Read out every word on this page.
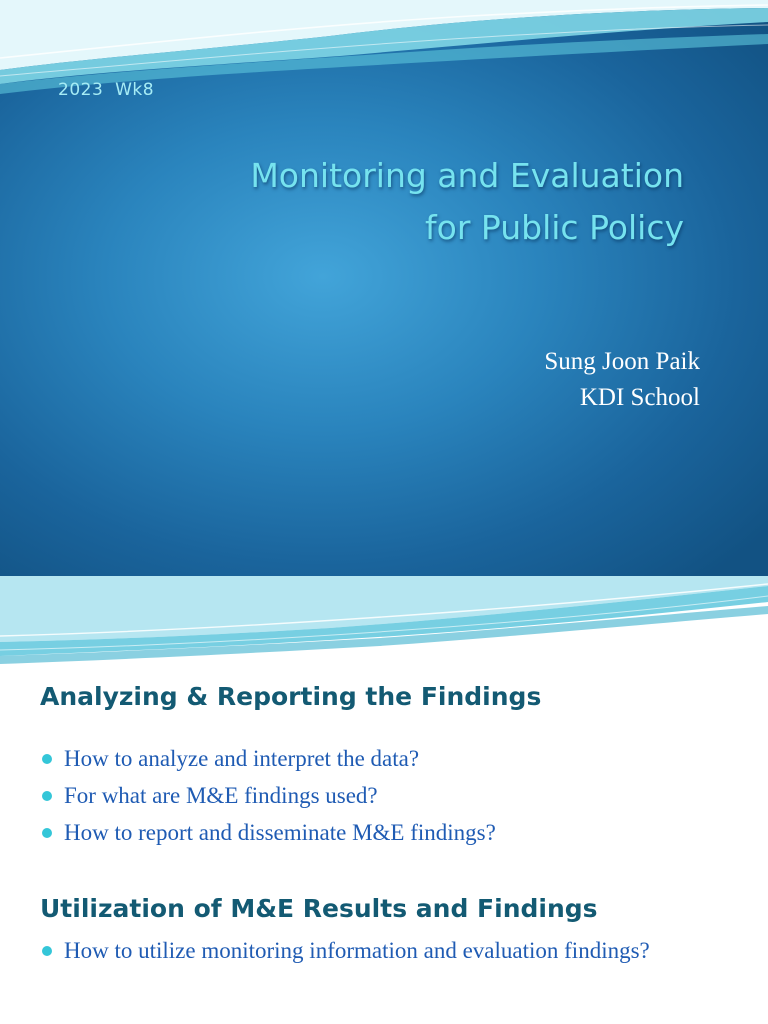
2023  Wk8
Monitoring and Evaluation
for Public Policy
Sung Joon Paik
KDI School
Analyzing & Reporting the Findings
How to analyze and interpret the data?
For what are M&E findings used?
How to report and disseminate M&E findings?
Utilization of M&E Results and Findings
How to utilize monitoring information and evaluation findings?
